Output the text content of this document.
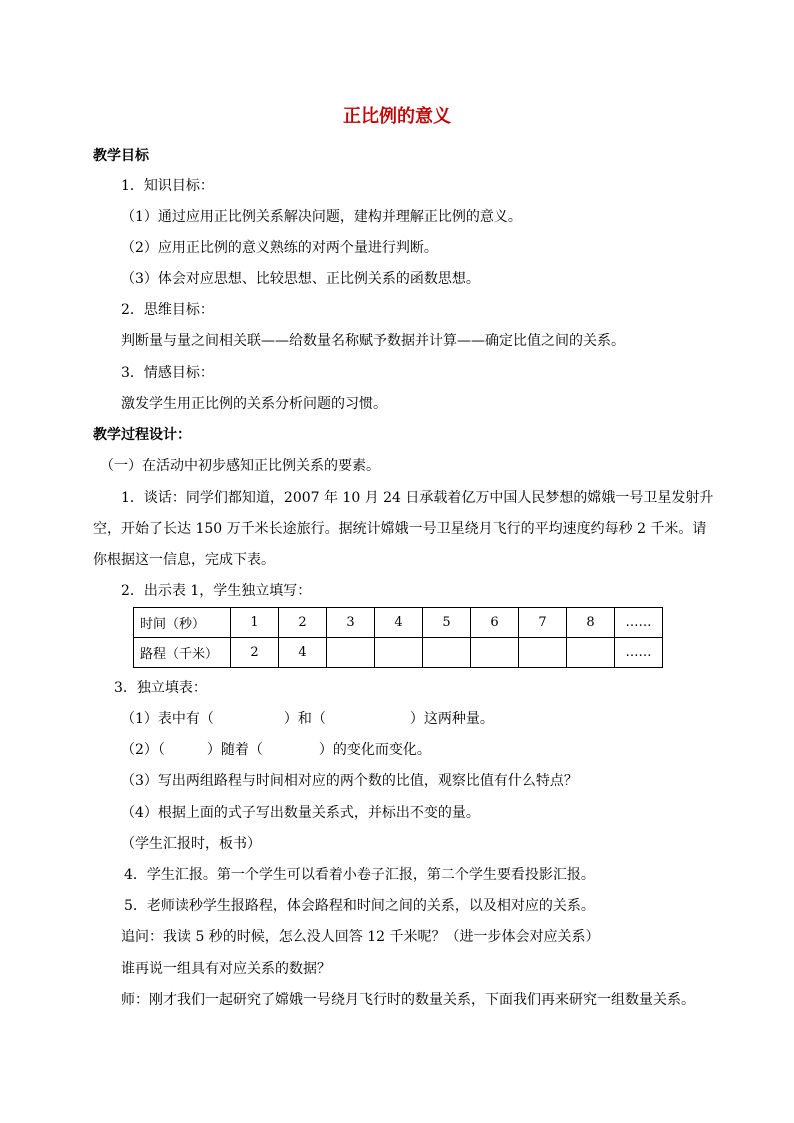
正比例的意义
教学目标
1．知识目标：
（1）通过应用正比例关系解决问题，建构并理解正比例的意义。
（2）应用正比例的意义熟练的对两个量进行判断。
（3）体会对应思想、比较思想、正比例关系的函数思想。
2．思维目标：
判断量与量之间相关联——给数量名称赋予数据并计算——确定比值之间的关系。
3．情感目标：
激发学生用正比例的关系分析问题的习惯。
教学过程设计：
（一）在活动中初步感知正比例关系的要素。
1．谈话：同学们都知道，2007 年 10 月 24 日承载着亿万中国人民梦想的嫦娥一号卫星发射升
空，开始了长达 150 万千米长途旅行。据统计嫦娥一号卫星绕月飞行的平均速度约每秒 2 千米。请
你根据这一信息，完成下表。
2．出示表 1，学生独立填写：
时间（秒）	1	2	3	4	5	6	7	8	……
路程（千米）	2	4							……
3．独立填表：
（1）表中有（　　　　　）和（　　　　　　）这两种量。
（2）（　　　）随着（　　　　）的变化而变化。
（3）写出两组路程与时间相对应的两个数的比值，观察比值有什么特点？
（4）根据上面的式子写出数量关系式，并标出不变的量。
（学生汇报时，板书）
4．学生汇报。第一个学生可以看着小卷子汇报，第二个学生要看投影汇报。
5．老师读秒学生报路程，体会路程和时间之间的关系，以及相对应的关系。
追问：我读 5 秒的时候，怎么没人回答 12 千米呢？（进一步体会对应关系）
谁再说一组具有对应关系的数据？
师：刚才我们一起研究了嫦娥一号绕月飞行时的数量关系，下面我们再来研究一组数量关系。
